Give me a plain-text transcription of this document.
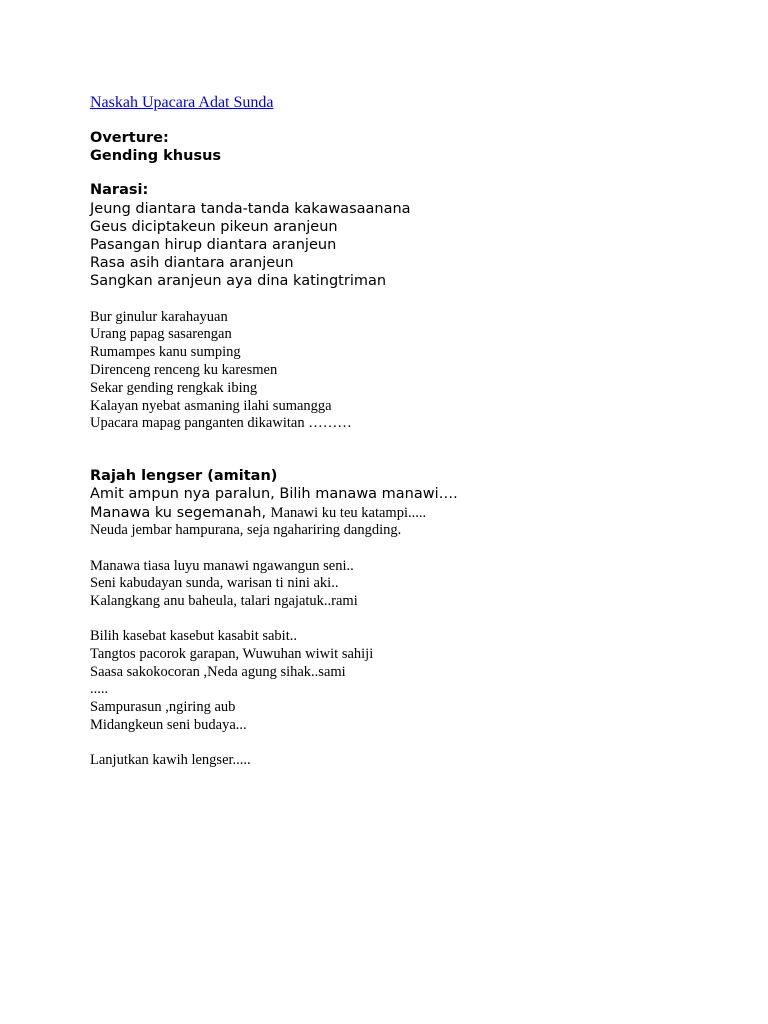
Naskah Upacara Adat Sunda
Overture:
Gending khusus
Narasi:
Jeung diantara tanda-tanda kakawasaanana
Geus diciptakeun pikeun aranjeun
Pasangan hirup diantara aranjeun
Rasa asih diantara aranjeun
Sangkan aranjeun aya dina katingtriman
Bur ginulur karahayuan
Urang papag sasarengan
Rumampes kanu sumping
Direnceng renceng ku karesmen
Sekar gending rengkak ibing
Kalayan nyebat asmaning ilahi sumangga
Upacara mapag panganten dikawitan ………
Rajah lengser (amitan)
Amit ampun nya paralun, Bilih manawa manawi….
Manawa ku segemanah, Manawi ku teu katampi.....
Neuda jembar hampurana, seja ngahariring dangding.
Manawa tiasa luyu manawi ngawangun seni..
Seni kabudayan sunda, warisan ti nini aki..
Kalangkang anu baheula, talari ngajatuk..rami
Bilih kasebat kasebut kasabit sabit..
Tangtos pacorok garapan, Wuwuhan wiwit sahiji
Saasa sakokocoran ,Neda agung sihak..sami
.....
Sampurasun ,ngiring aub
Midangkeun seni budaya...
Lanjutkan kawih lengser.....
